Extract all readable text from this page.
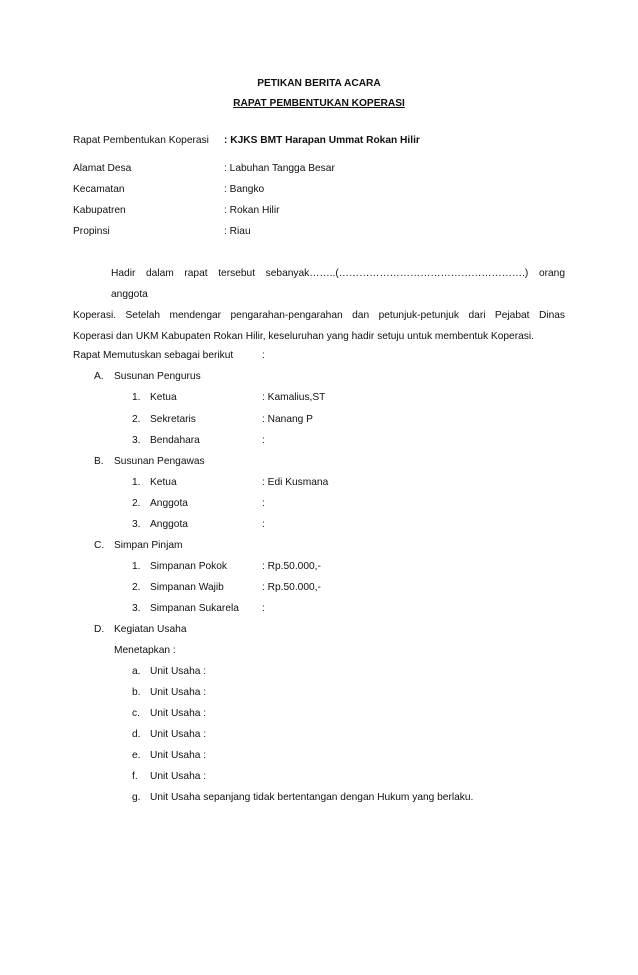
PETIKAN BERITA ACARA
RAPAT PEMBENTUKAN KOPERASI
Rapat Pembentukan Koperasi : KJKS BMT Harapan Ummat Rokan Hilir
Alamat Desa	: Labuhan Tangga Besar
Kecamatan	: Bangko
Kabupatren	: Rokan Hilir
Propinsi	: Riau
Hadir dalam rapat tersebut sebanyak……..(……………………………………………….) orang anggota
Koperasi. Setelah mendengar pengarahan-pengarahan dan petunjuk-petunjuk dari Pejabat Dinas
Koperasi dan UKM Kabupaten Rokan Hilir, keseluruhan yang hadir setuju untuk membentuk Koperasi.
Rapat Memutuskan sebagai berikut	:
A. Susunan Pengurus
1. Ketua	: Kamalius,ST
2. Sekretaris	: Nanang P
3. Bendahara	:
B. Susunan Pengawas
1. Ketua	: Edi Kusmana
2. Anggota	:
3. Anggota	:
C. Simpan Pinjam
1. Simpanan Pokok	: Rp.50.000,-
2. Simpanan Wajib	: Rp.50.000,-
3. Simpanan Sukarela :
D. Kegiatan Usaha
Menetapkan :
a. Unit Usaha :
b. Unit Usaha :
c. Unit Usaha :
d. Unit Usaha :
e. Unit Usaha :
f. Unit Usaha :
g. Unit Usaha sepanjang tidak bertentangan dengan Hukum yang berlaku.
